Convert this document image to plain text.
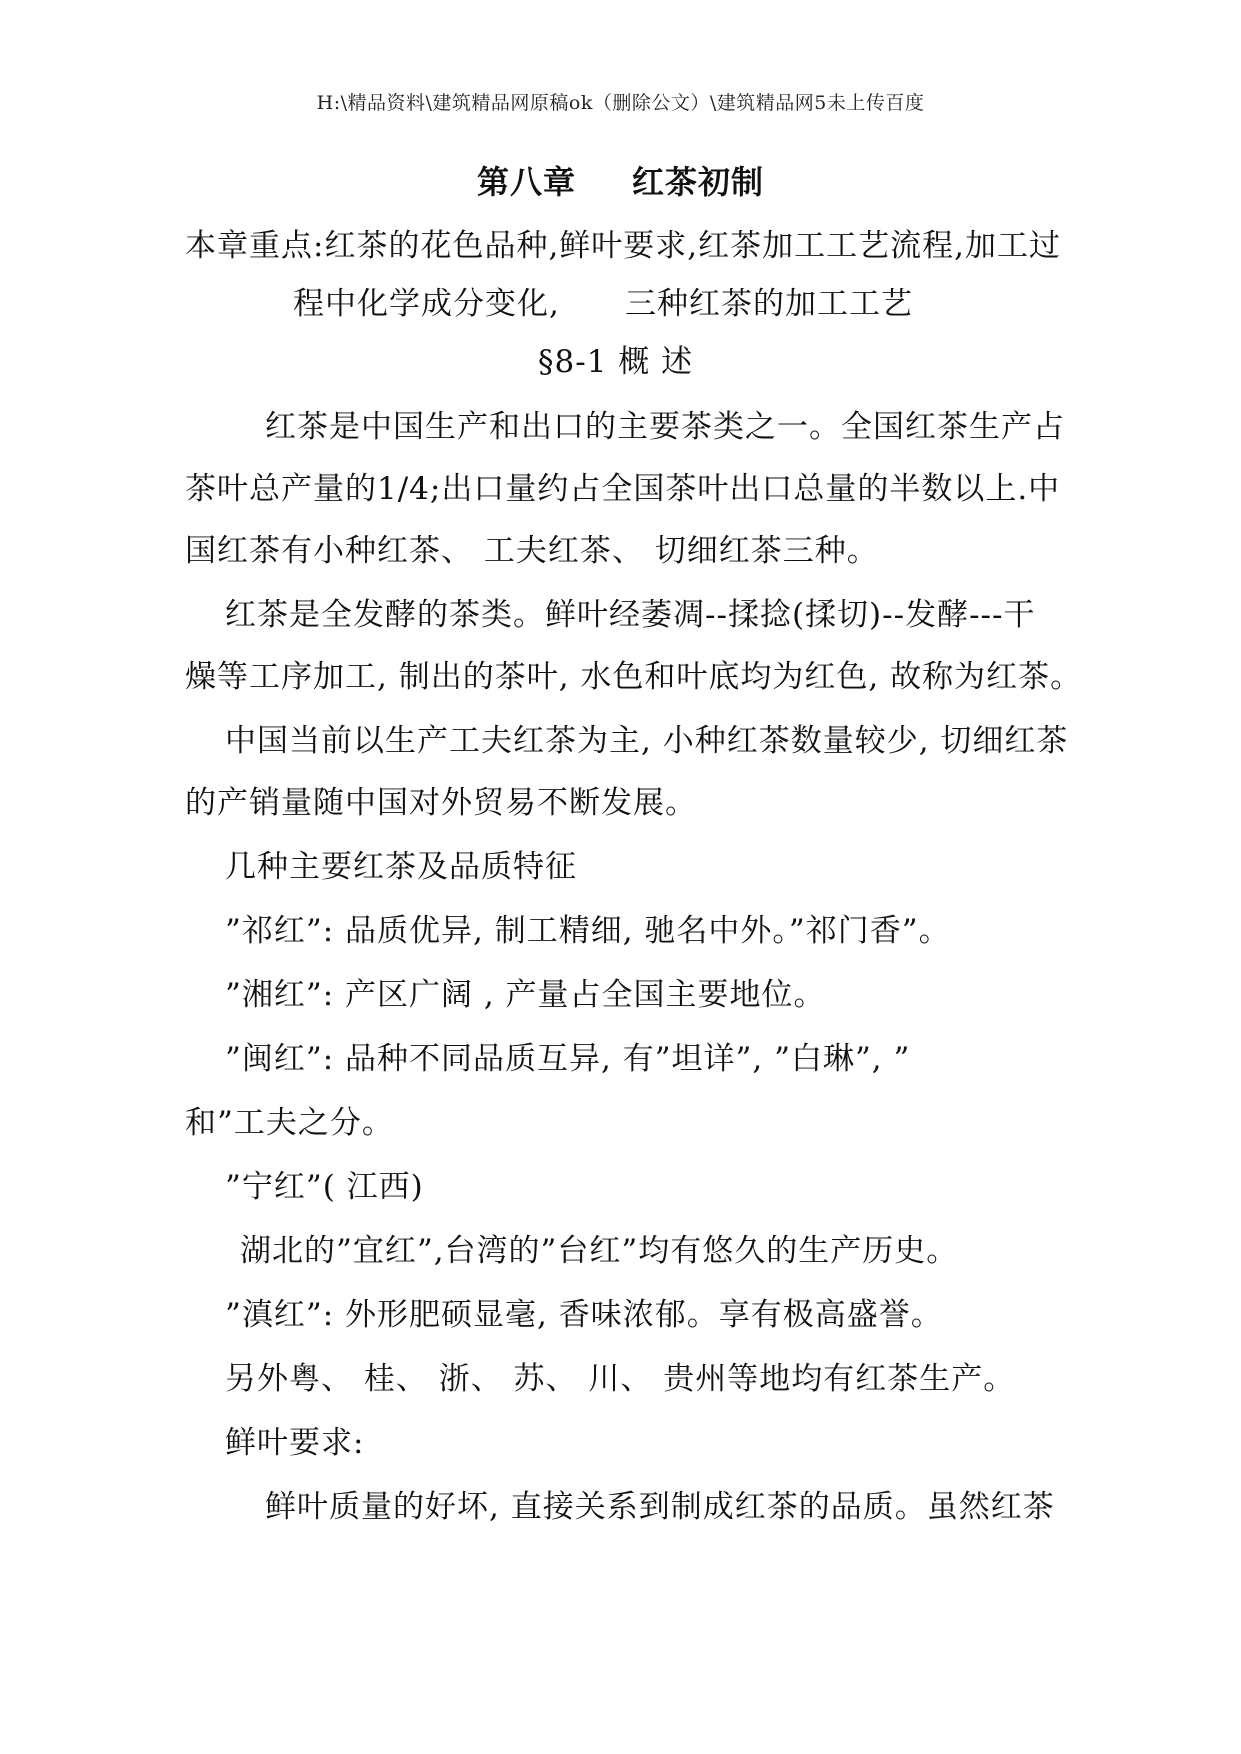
H:\精品资料\建筑精品网原稿ok（删除公文）\建筑精品网5未上传百度
第八章 红茶初制
本章重点:红茶的花色品种,鲜叶要求,红茶加工工艺流程,加工过
程中化学成分变化,      三种红茶的加工工艺
§8-1 概 述
红茶是中国生产和出口的主要茶类之一。全国红茶生产占
茶叶总产量的1/4;出口量约占全国茶叶出口总量的半数以上.中
国红茶有小种红茶、 工夫红茶、 切细红茶三种。
红茶是全发酵的茶类。鲜叶经萎凋--揉捻(揉切)--发酵---干
燥等工序加工, 制出的茶叶, 水色和叶底均为红色, 故称为红茶。
中国当前以生产工夫红茶为主, 小种红茶数量较少, 切细红茶
的产销量随中国对外贸易不断发展。
几种主要红茶及品质特征
”祁红”: 品质优异, 制工精细, 驰名中外。”祁门香”。
”湘红”: 产区广阔 , 产量占全国主要地位。
”闽红”: 品种不同品质互异, 有”坦详”, ”白琳”, ”
和”工夫之分。
”宁红”( 江西)
湖北的”宜红”,台湾的”台红”均有悠久的生产历史。
”滇红”: 外形肥硕显毫, 香味浓郁。享有极高盛誉。
另外粤、 桂、 浙、 苏、 川、 贵州等地均有红茶生产。
鲜叶要求:
鲜叶质量的好坏, 直接关系到制成红茶的品质。虽然红茶
